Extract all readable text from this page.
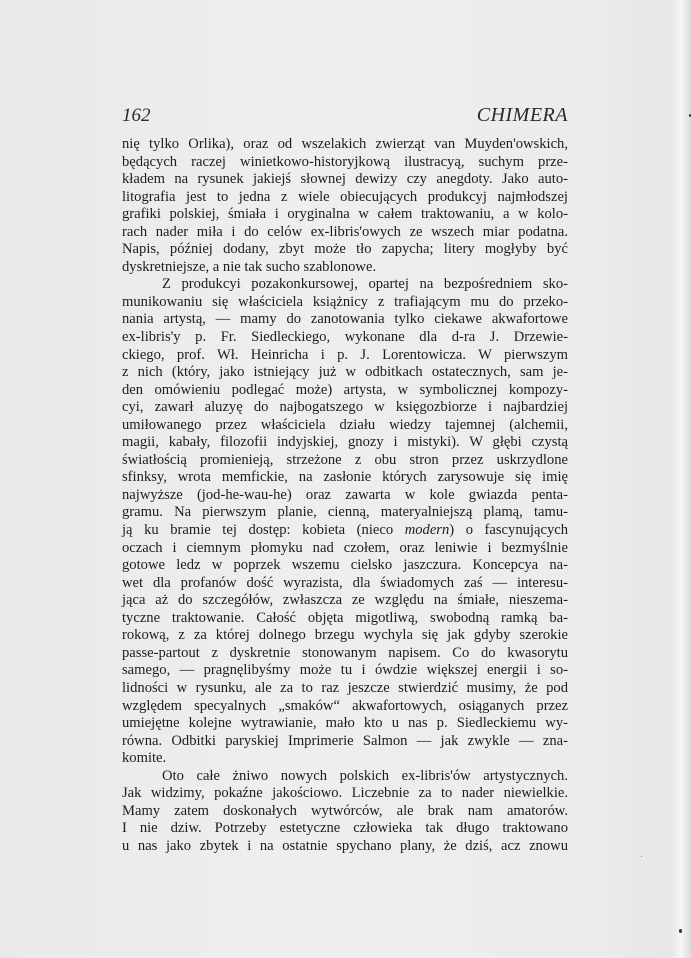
162	CHIMERA
nię tylko Orlika), oraz od wszelakich zwierząt van Muyden'owskich,
będących raczej winietkowo-historyjkową ilustracyą, suchym prze-
kładem na rysunek jakiejś słownej dewizy czy anegdoty. Jako auto-
litografia jest to jedna z wiele obiecujących produkcyj najmłodszej
grafiki polskiej, śmiała i oryginalna w całem traktowaniu, a w kolo-
rach nader miła i do celów ex-libris'owych ze wszech miar podatna.
Napis, później dodany, zbyt może tło zapycha; litery mogłyby być
dyskretniejsze, a nie tak sucho szablonowe.
Z produkcyi pozakonkursowej, opartej na bezpośredniem sko-
munikowaniu się właściciela książnicy z trafiającym mu do przeko-
nania artystą, — mamy do zanotowania tylko ciekawe akwafortowe
ex-libris'y p. Fr. Siedleckiego, wykonane dla d-ra J. Drzewie-
ckiego, prof. Wł. Heinricha i p. J. Lorentowicza. W pierwszym
z nich (który, jako istniejący już w odbitkach ostatecznych, sam je-
den omówieniu podlegać może) artysta, w symbolicznej kompozy-
cyi, zawarł aluzyę do najbogatszego w księgozbiorze i najbardziej
umiłowanego przez właściciela działu wiedzy tajemnej (alchemii,
magii, kabały, filozofii indyjskiej, gnozy i mistyki). W głębi czystą
światłością promienieją, strzeżone z obu stron przez uskrzydlone
sfinksy, wrota memfickie, na zasłonie których zarysowuje się imię
najwyższe (jod-he-wau-he) oraz zawarta w kole gwiazda penta-
gramu. Na pierwszym planie, cienną, materyalniejszą plamą, tamu-
ją ku bramie tej dostęp: kobieta (nieco modern) o fascynujących
oczach i ciemnym płomyku nad czołem, oraz leniwie i bezmyślnie
gotowe ledz w poprzek wszemu cielsko jaszczura. Koncepcya na-
wet dla profanów dość wyrazista, dla świadomych zaś — interesu-
jąca aż do szczegółów, zwłaszcza ze względu na śmiałe, nieszema-
tyczne traktowanie. Całość objęta migotliwą, swobodną ramką ba-
rokową, z za której dolnego brzegu wychyla się jak gdyby szerokie
passe-partout z dyskretnie stonowanym napisem. Co do kwasorytu
samego, — pragnęlibyśmy może tu i ówdzie większej energii i so-
lidności w rysunku, ale za to raz jeszcze stwierdzić musimy, że pod
względem specyalnych „smaków“ akwafortowych, osiąganych przez
umiejętne kolejne wytrawianie, mało kto u nas p. Siedleckiemu wy-
równa. Odbitki paryskiej Imprimerie Salmon — jak zwykle — zna-
komite.
Oto całe żniwo nowych polskich ex-libris'ów artystycznych.
Jak widzimy, pokaźne jakościowo. Liczebnie za to nader niewielkie.
Mamy zatem doskonałych wytwórców, ale brak nam amatorów.
I nie dziw. Potrzeby estetyczne człowieka tak długo traktowano
u nas jako zbytek i na ostatnie spychano plany, że dziś, acz znowu
